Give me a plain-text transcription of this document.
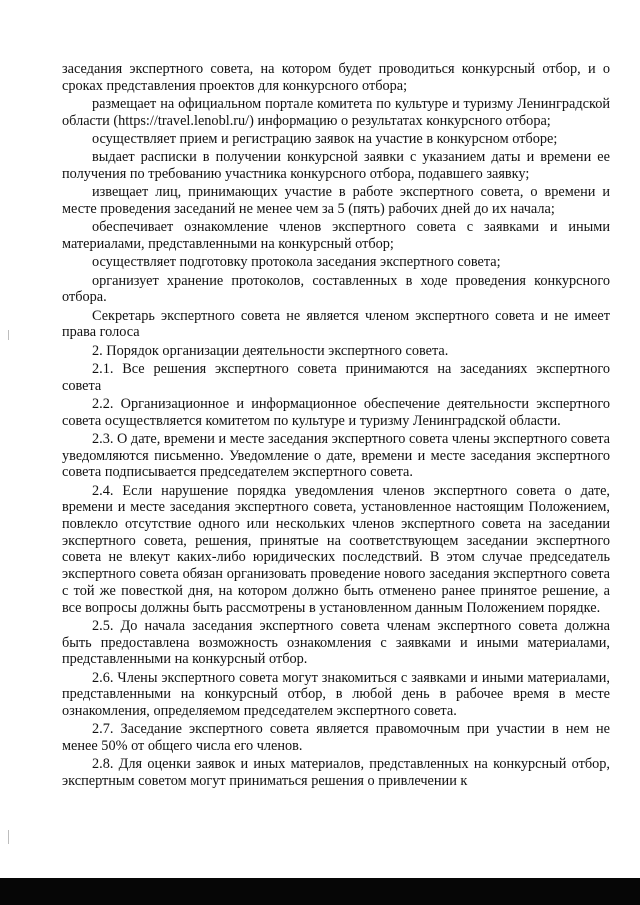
заседания экспертного совета, на котором будет проводиться конкурсный отбор, и о сроках представления проектов для конкурсного отбора;

размещает на официальном портале комитета по культуре и туризму Ленинградской области (https://travel.lenobl.ru/) информацию о результатах конкурсного отбора;

осуществляет прием и регистрацию заявок на участие в конкурсном отборе;

выдает расписки в получении конкурсной заявки с указанием даты и времени ее получения по требованию участника конкурсного отбора, подавшего заявку;

извещает лиц, принимающих участие в работе экспертного совета, о времени и месте проведения заседаний не менее чем за 5 (пять) рабочих дней до их начала;

обеспечивает ознакомление членов экспертного совета с заявками и иными материалами, представленными на конкурсный отбор;

осуществляет подготовку протокола заседания экспертного совета;

организует хранение протоколов, составленных в ходе проведения конкурсного отбора.

Секретарь экспертного совета не является членом экспертного совета и не имеет права голоса

2. Порядок организации деятельности экспертного совета.

2.1. Все решения экспертного совета принимаются на заседаниях экспертного совета

2.2. Организационное и информационное обеспечение деятельности экспертного совета осуществляется комитетом по культуре и туризму Ленинградской области.

2.3. О дате, времени и месте заседания экспертного совета члены экспертного совета уведомляются письменно. Уведомление о дате, времени и месте заседания экспертного совета подписывается председателем экспертного совета.

2.4. Если нарушение порядка уведомления членов экспертного совета о дате, времени и месте заседания экспертного совета, установленное настоящим Положением, повлекло отсутствие одного или нескольких членов экспертного совета на заседании экспертного совета, решения, принятые на соответствующем заседании экспертного совета не влекут каких-либо юридических последствий. В этом случае председатель экспертного совета обязан организовать проведение нового заседания экспертного совета с той же повесткой дня, на котором должно быть отменено ранее принятое решение, а все вопросы должны быть рассмотрены в установленном данным Положением порядке.

2.5. До начала заседания экспертного совета членам экспертного совета должна быть предоставлена возможность ознакомления с заявками и иными материалами, представленными на конкурсный отбор.

2.6. Члены экспертного совета могут знакомиться с заявками и иными материалами, представленными на конкурсный отбор, в любой день в рабочее время в месте ознакомления, определяемом председателем экспертного совета.

2.7. Заседание экспертного совета является правомочным при участии в нем не менее 50% от общего числа его членов.

2.8. Для оценки заявок и иных материалов, представленных на конкурсный отбор, экспертным советом могут приниматься решения о привлечении к
